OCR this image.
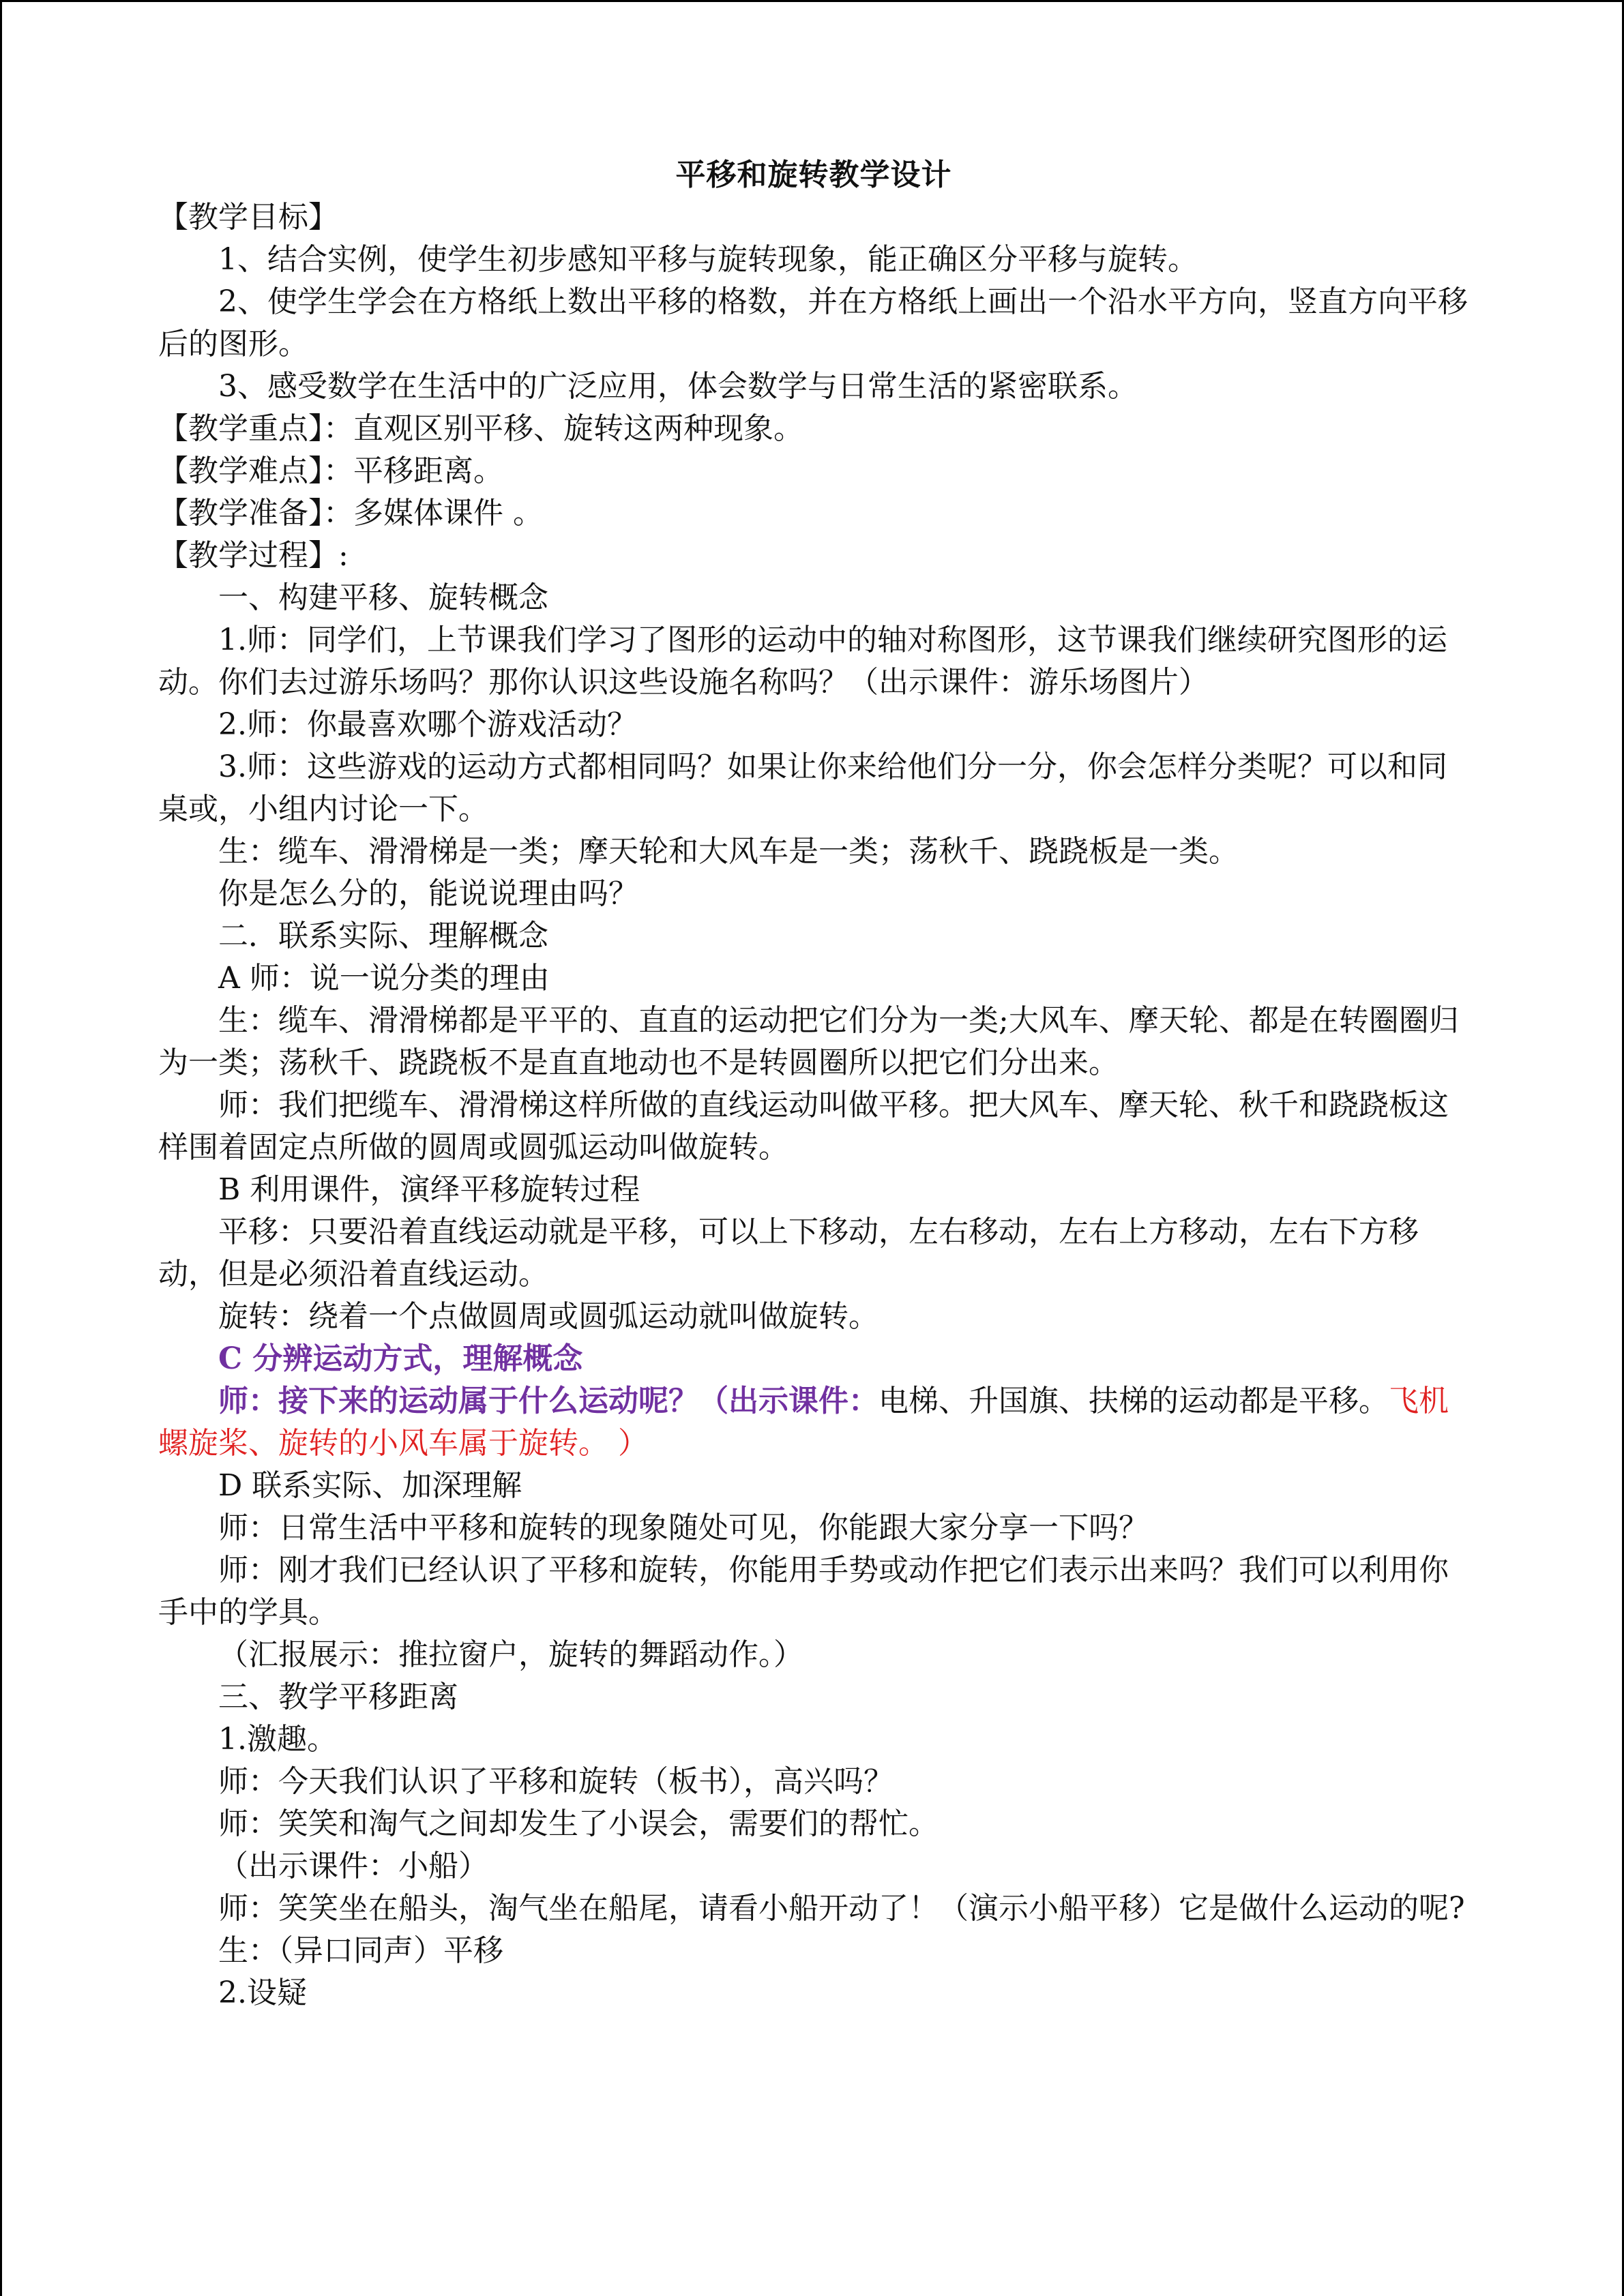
平移和旋转教学设计
【教学目标】
1、结合实例，使学生初步感知平移与旋转现象，能正确区分平移与旋转。
2、使学生学会在方格纸上数出平移的格数，并在方格纸上画出一个沿水平方向，竖直方向平移后的图形。
3、感受数学在生活中的广泛应用，体会数学与日常生活的紧密联系。
【教学重点】：直观区别平移、旋转这两种现象。
【教学难点】：平移距离。
【教学准备】：多媒体课件 。
【教学过程】:
一、构建平移、旋转概念
1.师：同学们，上节课我们学习了图形的运动中的轴对称图形，这节课我们继续研究图形的运动。你们去过游乐场吗？那你认识这些设施名称吗？（出示课件：游乐场图片）
2.师：你最喜欢哪个游戏活动？
3.师：这些游戏的运动方式都相同吗？如果让你来给他们分一分，你会怎样分类呢？可以和同桌或，小组内讨论一下。
生：缆车、滑滑梯是一类；摩天轮和大风车是一类；荡秋千、跷跷板是一类。
你是怎么分的，能说说理由吗？
二．联系实际、理解概念
A 师：说一说分类的理由
生：缆车、滑滑梯都是平平的、直直的运动把它们分为一类;大风车、摩天轮、都是在转圈圈归为一类；荡秋千、跷跷板不是直直地动也不是转圆圈所以把它们分出来。
师：我们把缆车、滑滑梯这样所做的直线运动叫做平移。把大风车、摩天轮、秋千和跷跷板这样围着固定点所做的圆周或圆弧运动叫做旋转。
B 利用课件，演绎平移旋转过程
平移：只要沿着直线运动就是平移，可以上下移动，左右移动，左右上方移动，左右下方移动，但是必须沿着直线运动。
旋转：绕着一个点做圆周或圆弧运动就叫做旋转。
C 分辨运动方式，理解概念
师：接下来的运动属于什么运动呢？（出示课件：电梯、升国旗、扶梯的运动都是平移。飞机螺旋桨、旋转的小风车属于旋转。 ）
D 联系实际、加深理解
师：日常生活中平移和旋转的现象随处可见，你能跟大家分享一下吗？
师：刚才我们已经认识了平移和旋转，你能用手势或动作把它们表示出来吗？我们可以利用你手中的学具。
（汇报展示：推拉窗户，旋转的舞蹈动作。）
三、教学平移距离
1.激趣。
师：今天我们认识了平移和旋转（板书），高兴吗？
师：笑笑和淘气之间却发生了小误会，需要们的帮忙。
（出示课件：小船）
师：笑笑坐在船头，淘气坐在船尾，请看小船开动了！（演示小船平移）它是做什么运动的呢?
生：（异口同声）平移
2.设疑
